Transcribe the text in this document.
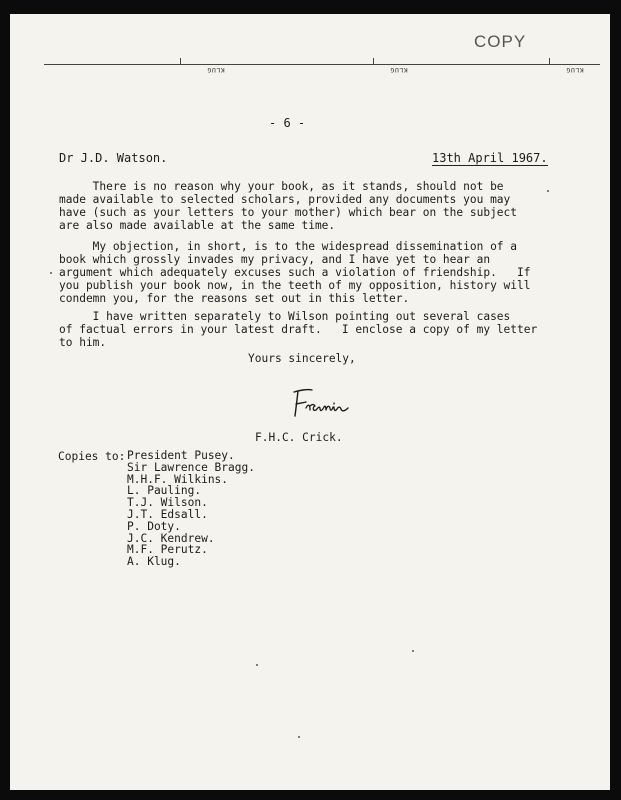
COPY
KLUG	KLUG	KLUG
- 6 -
Dr J.D. Watson.	13th April 1967.
There is no reason why your book, as it stands, should not be
made available to selected scholars, provided any documents you may
have (such as your letters to your mother) which bear on the subject
are also made available at the same time.
My objection, in short, is to the widespread dissemination of a
book which grossly invades my privacy, and I have yet to hear an
argument which adequately excuses such a violation of friendship.   If
you publish your book now, in the teeth of my opposition, history will
condemn you, for the reasons set out in this letter.
I have written separately to Wilson pointing out several cases
of factual errors in your latest draft.   I enclose a copy of my letter
to him.
Yours sincerely,
F.H.C. Crick.
Copies to: President Pusey.
Sir Lawrence Bragg.
M.H.F. Wilkins.
L. Pauling.
T.J. Wilson.
J.T. Edsall.
P. Doty.
J.C. Kendrew.
M.F. Perutz.
A. Klug.
